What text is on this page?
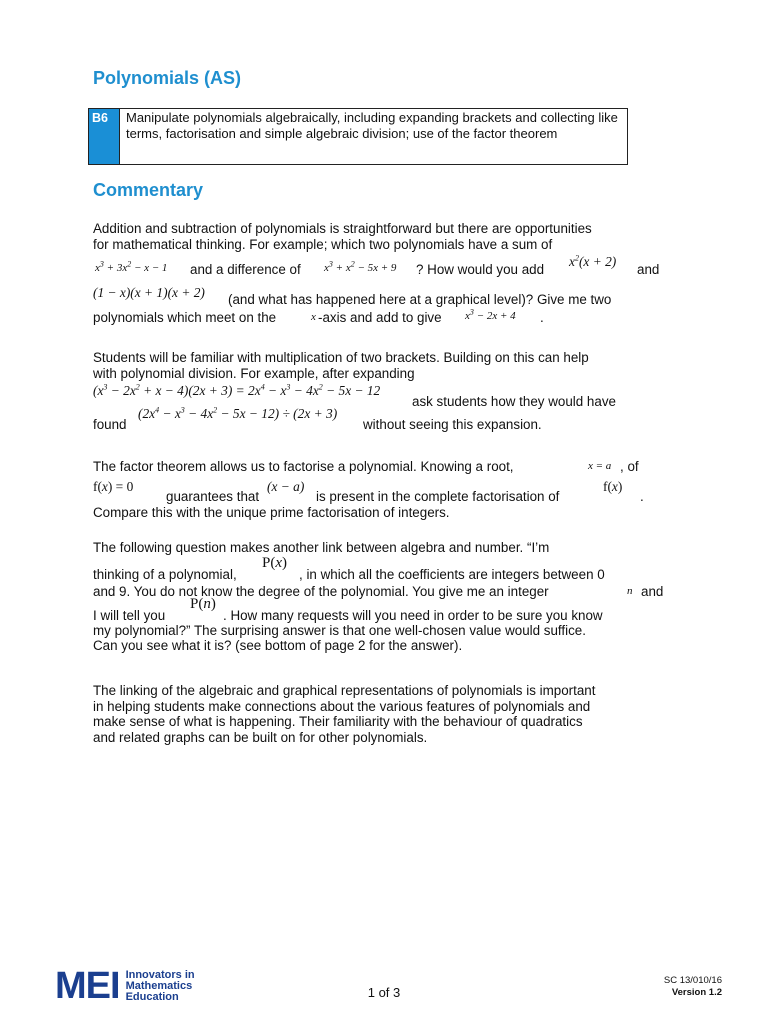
Polynomials (AS)
B6	Manipulate polynomials algebraically, including expanding brackets and collecting like terms, factorisation and simple algebraic division; use of the factor theorem
Commentary
Addition and subtraction of polynomials is straightforward but there are opportunities
for mathematical thinking. For example; which two polynomials have a sum of
$x^3 + 3x^2 - x - 1$ and a difference of $x^3 + x^2 - 5x + 9$ ? How would you add
$x^2(x + 2)$
and
(1 − x)(x + 1)(x + 2) (and what has happened here at a graphical level)? Give me two
polynomials which meet on the	x -axis and add to give $x^3 - 2x + 4$ .
Students will be familiar with multiplication of two brackets. Building on this can help
with polynomial division. For example, after expanding
$(x^3 - 2x^2 + x - 4)(2x + 3) = 2x^4 - x^3 - 4x^2 - 5x - 12$
ask students how they would have
found
$(2x^4 - x^3 - 4x^2 - 5x - 12) \div (2x + 3)$
without seeing this expansion.
The factor theorem allows us to factorise a polynomial. Knowing a root,	x = a , of
f(x) = 0
guarantees that
(x − a)
is present in the complete factorisation of
f(x)
.
Compare this with the unique prime factorisation of integers.
The following question makes another link between algebra and number. “I’m
thinking of a polynomial,
P(x)
, in which all the coefficients are integers between 0
and 9. You do not know the degree of the polynomial. You give me an integer	n and
I will tell you
P(n)
. How many requests will you need in order to be sure you know
my polynomial?” The surprising answer is that one well-chosen value would suffice.
Can you see what it is? (see bottom of page 2 for the answer).
The linking of the algebraic and graphical representations of polynomials is important
in helping students make connections about the various features of polynomials and
make sense of what is happening. Their familiarity with the behaviour of quadratics
and related graphs can be built on for other polynomials.
MEI Innovators in
Mathematics
Education	1 of 3
SC 13/010/16
Version 1.2
